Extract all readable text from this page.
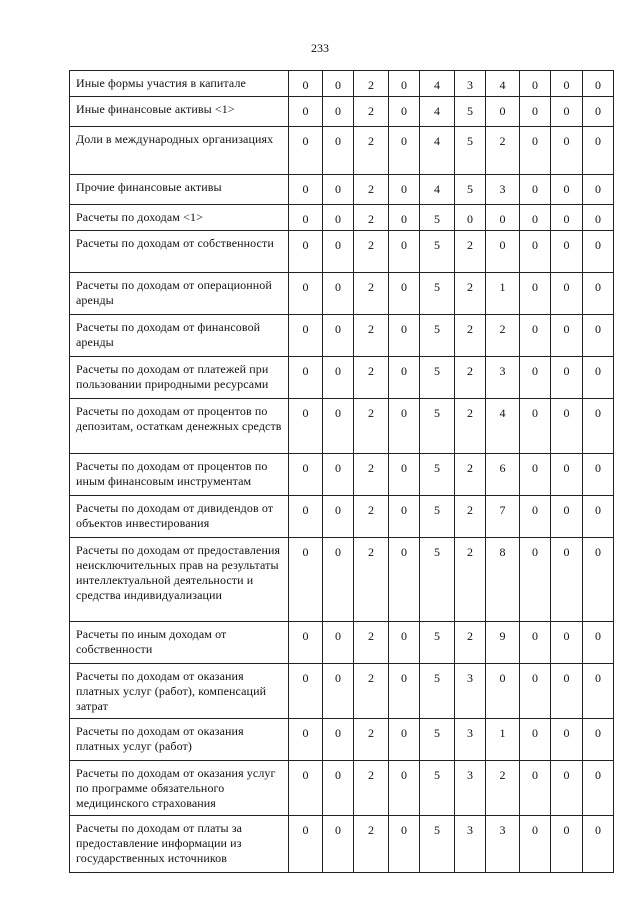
233
Иные формы участия в капитале	0	0	2	0	4	3	4	0	0	0
Иные финансовые активы <1>	0	0	2	0	4	5	0	0	0	0
Доли в международных организациях	0	0	2	0	4	5	2	0	0	0
Прочие финансовые активы	0	0	2	0	4	5	3	0	0	0
Расчеты по доходам <1>	0	0	2	0	5	0	0	0	0	0
Расчеты по доходам от собственности	0	0	2	0	5	2	0	0	0	0
Расчеты по доходам от операционной аренды	0	0	2	0	5	2	1	0	0	0
Расчеты по доходам от финансовой аренды	0	0	2	0	5	2	2	0	0	0
Расчеты по доходам от платежей при пользовании природными ресурсами	0	0	2	0	5	2	3	0	0	0
Расчеты по доходам от процентов по депозитам, остаткам денежных средств	0	0	2	0	5	2	4	0	0	0
Расчеты по доходам от процентов по иным финансовым инструментам	0	0	2	0	5	2	6	0	0	0
Расчеты по доходам от дивидендов от объектов инвестирования	0	0	2	0	5	2	7	0	0	0
Расчеты по доходам от предоставления неисключительных прав на результаты интеллектуальной деятельности и средства индивидуализации	0	0	2	0	5	2	8	0	0	0
Расчеты по иным доходам от собственности	0	0	2	0	5	2	9	0	0	0
Расчеты по доходам от оказания платных услуг (работ), компенсаций затрат	0	0	2	0	5	3	0	0	0	0
Расчеты по доходам от оказания платных услуг (работ)	0	0	2	0	5	3	1	0	0	0
Расчеты по доходам от оказания услуг по программе обязательного медицинского страхования	0	0	2	0	5	3	2	0	0	0
Расчеты по доходам от платы за предоставление информации из государственных источников	0	0	2	0	5	3	3	0	0	0
